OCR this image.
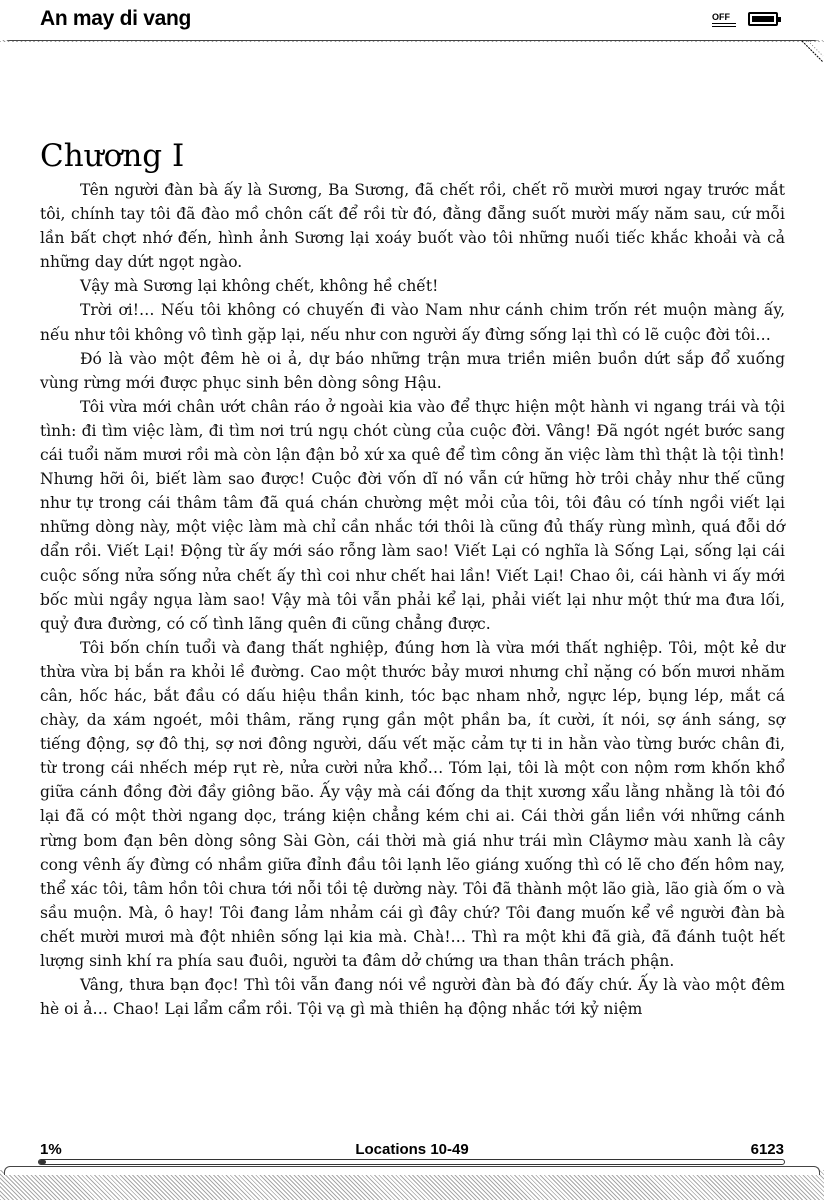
An may di vang	OFF
Chương I

Tên người đàn bà ấy là Sương, Ba Sương, đã chết rồi, chết rõ mười mươi ngay trước mắt tôi, chính tay tôi đã đào mồ chôn cất để rồi từ đó, đằng đẵng suốt mười mấy năm sau, cứ mỗi lần bất chợt nhớ đến, hình ảnh Sương lại xoáy buốt vào tôi những nuối tiếc khắc khoải và cả những day dứt ngọt ngào.

Vậy mà Sương lại không chết, không hề chết!

Trời ơi!… Nếu tôi không có chuyến đi vào Nam như cánh chim trốn rét muộn màng ấy, nếu như tôi không vô tình gặp lại, nếu như con người ấy đừng sống lại thì có lẽ cuộc đời tôi…

Đó là vào một đêm hè oi ả, dự báo những trận mưa triền miên buồn dứt sắp đổ xuống vùng rừng mới được phục sinh bên dòng sông Hậu.

Tôi vừa mới chân ướt chân ráo ở ngoài kia vào để thực hiện một hành vi ngang trái và tội tình: đi tìm việc làm, đi tìm nơi trú ngụ chót cùng của cuộc đời. Vâng! Đã ngót ngét bước sang cái tuổi năm mươi rồi mà còn lận đận bỏ xứ xa quê để tìm công ăn việc làm thì thật là tội tình! Nhưng hỡi ôi, biết làm sao được! Cuộc đời vốn dĩ nó vẫn cứ hững hờ trôi chảy như thế cũng như tự trong cái thâm tâm đã quá chán chường mệt mỏi của tôi, tôi đâu có tính ngồi viết lại những dòng này, một việc làm mà chỉ cần nhắc tới thôi là cũng đủ thấy rùng mình, quá đỗi dớ dẩn rồi. Viết Lại! Động từ ấy mới sáo rỗng làm sao! Viết Lại có nghĩa là Sống Lại, sống lại cái cuộc sống nửa sống nửa chết ấy thì coi như chết hai lần! Viết Lại! Chao ôi, cái hành vi ấy mới bốc mùi ngầy ngụa làm sao! Vậy mà tôi vẫn phải kể lại, phải viết lại như một thứ ma đưa lối, quỷ đưa đường, có cố tình lãng quên đi cũng chẳng được.

Tôi bốn chín tuổi và đang thất nghiệp, đúng hơn là vừa mới thất nghiệp. Tôi, một kẻ dư thừa vừa bị bắn ra khỏi lề đường. Cao một thước bảy mươi nhưng chỉ nặng có bốn mươi nhăm cân, hốc hác, bắt đầu có dấu hiệu thần kinh, tóc bạc nham nhở, ngực lép, bụng lép, mắt cá chày, da xám ngoét, môi thâm, răng rụng gần một phần ba, ít cười, ít nói, sợ ánh sáng, sợ tiếng động, sợ đô thị, sợ nơi đông người, dấu vết mặc cảm tự ti in hằn vào từng bước chân đi, từ trong cái nhếch mép rụt rè, nửa cười nửa khổ… Tóm lại, tôi là một con nộm rơm khốn khổ giữa cánh đồng đời đầy giông bão. Ấy vậy mà cái đống da thịt xương xẩu lằng nhằng là tôi đó lại đã có một thời ngang dọc, tráng kiện chẳng kém chi ai. Cái thời gắn liền với những cánh rừng bom đạn bên dòng sông Sài Gòn, cái thời mà giá như trái mìn Clâymơ màu xanh là cây cong vênh ấy đừng có nhầm giữa đỉnh đầu tôi lạnh lẽo giáng xuống thì có lẽ cho đến hôm nay, thể xác tôi, tâm hồn tôi chưa tới nỗi tồi tệ dường này. Tôi đã thành một lão già, lão già ốm o và sầu muộn. Mà, ô hay! Tôi đang lảm nhảm cái gì đây chứ? Tôi đang muốn kể về người đàn bà chết mười mươi mà đột nhiên sống lại kia mà. Chà!… Thì ra một khi đã già, đã đánh tuột hết lượng sinh khí ra phía sau đuôi, người ta đâm dở chứng ưa than thân trách phận.

Vâng, thưa bạn đọc! Thì tôi vẫn đang nói về người đàn bà đó đấy chứ. Ấy là vào một đêm hè oi ả… Chao! Lại lẩm cẩm rồi. Tội vạ gì mà thiên hạ động nhắc tới kỷ niệm

1%	Locations 10-49	6123
